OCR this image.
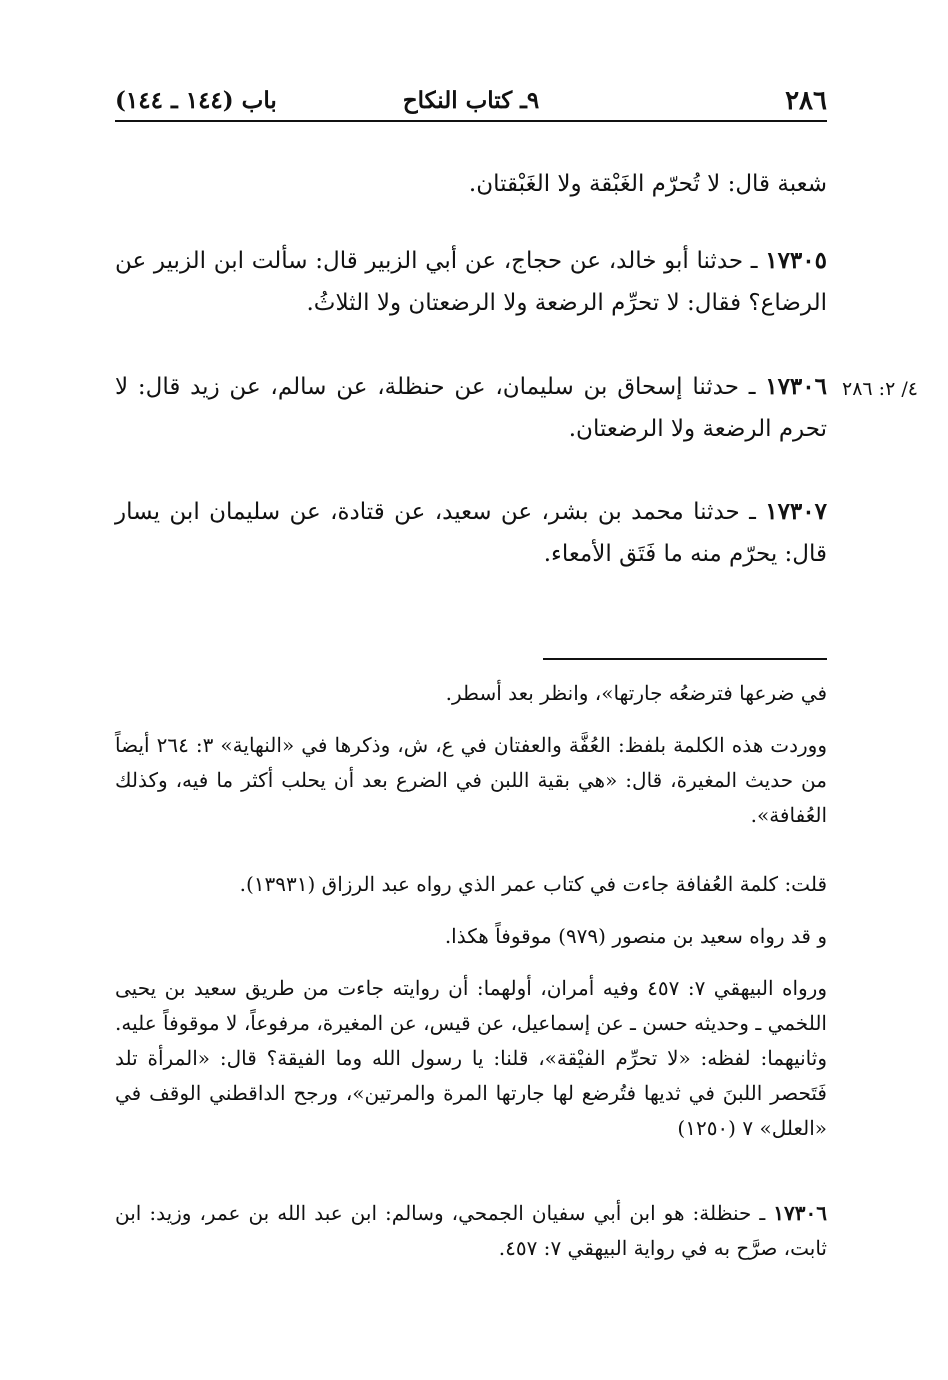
٢٨٦
٩ـ كتاب النكاح
باب (١٤٤ ـ ١٤٤)
شعبة قال: لا تُحرّم الغَبْقة ولا الغَبْقتان.
١٧٣٠٥ ـ حدثنا أبو خالد، عن حجاج، عن أبي الزبير قال: سألت ابن الزبير عن الرضاع؟ فقال: لا تحرِّم الرضعة ولا الرضعتان ولا الثلاثُ.
١٧٣٠٦ ـ حدثنا إسحاق بن سليمان، عن حنظلة، عن سالم، عن زيد قال: لا تحرم الرضعة ولا الرضعتان.
٤/ ٢: ٢٨٦
١٧٣٠٧ ـ حدثنا محمد بن بشر، عن سعيد، عن قتادة، عن سليمان ابن يسار قال: يحرّم منه ما فَتَق الأمعاء.
في ضرعها فترضعُه جارتها»، وانظر بعد أسطر.
ووردت هذه الكلمة بلفظ: العُفَّة والعفتان في ع، ش، وذكرها في «النهاية» ٣: ٢٦٤ أيضاً من حديث المغيرة، قال: «هي بقية اللبن في الضرع بعد أن يحلب أكثر ما فيه، وكذلك العُفافة».
قلت: كلمة العُفافة جاءت في كتاب عمر الذي رواه عبد الرزاق (١٣٩٣١).
و قد رواه سعيد بن منصور (٩٧٩) موقوفاً هكذا.
ورواه البيهقي ٧: ٤٥٧ وفيه أمران، أولهما: أن روايته جاءت من طريق سعيد بن يحيى اللخمي ـ وحديثه حسن ـ عن إسماعيل، عن قيس، عن المغيرة، مرفوعاً، لا موقوفاً عليه. وثانيهما: لفظه: «لا تحرِّم الفيْقة»، قلنا: يا رسول الله وما الفيقة؟ قال: «المرأة تلد فَتَحصر اللبنَ في ثديها فتُرضع لها جارتها المرة والمرتين»، ورجح الداقطني الوقف في «العلل» ٧ (١٢٥٠)
١٧٣٠٦ ـ حنظلة: هو ابن أبي سفيان الجمحي، وسالم: ابن عبد الله بن عمر، وزيد: ابن ثابت، صرَّح به في رواية البيهقي ٧: ٤٥٧.
